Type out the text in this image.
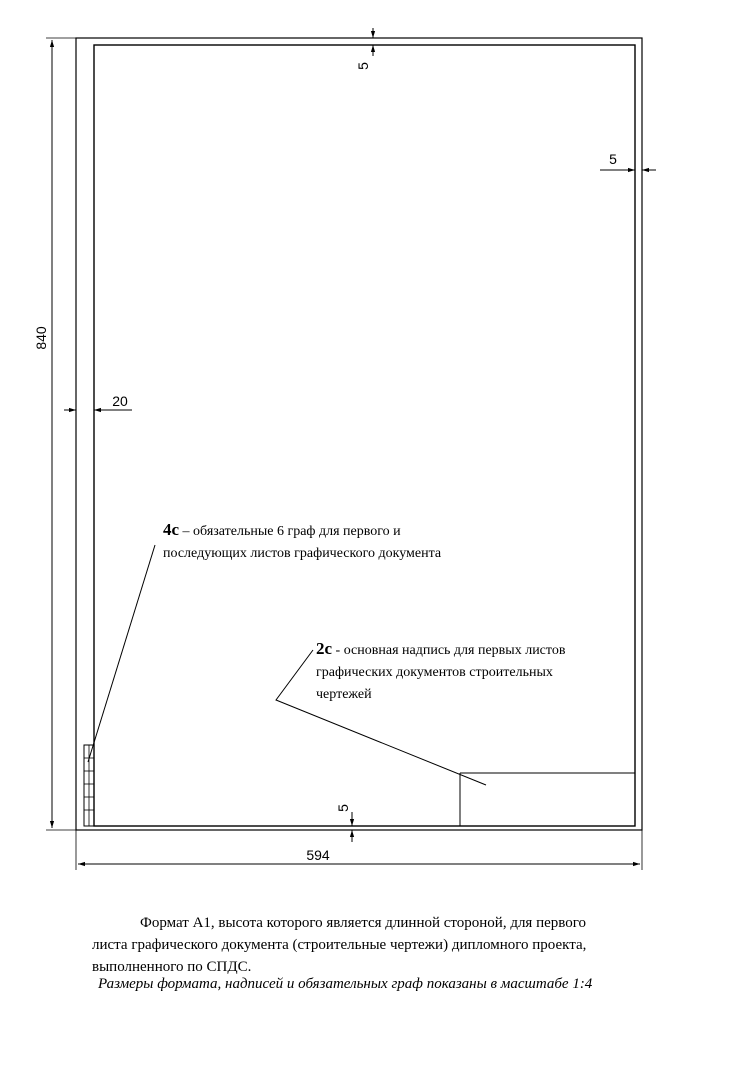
840
594
5
5
20
5
4с – обязательные 6 граф для первого и
последующих листов графического документа
2с - основная надпись для первых листов
графических документов строительных
чертежей
Формат А1, высота которого является длинной стороной, для первого
листа графического документа (строительные чертежи) дипломного проекта,
выполненного по СПДС.
Размеры формата, надписей и обязательных граф показаны в масштабе 1:4
